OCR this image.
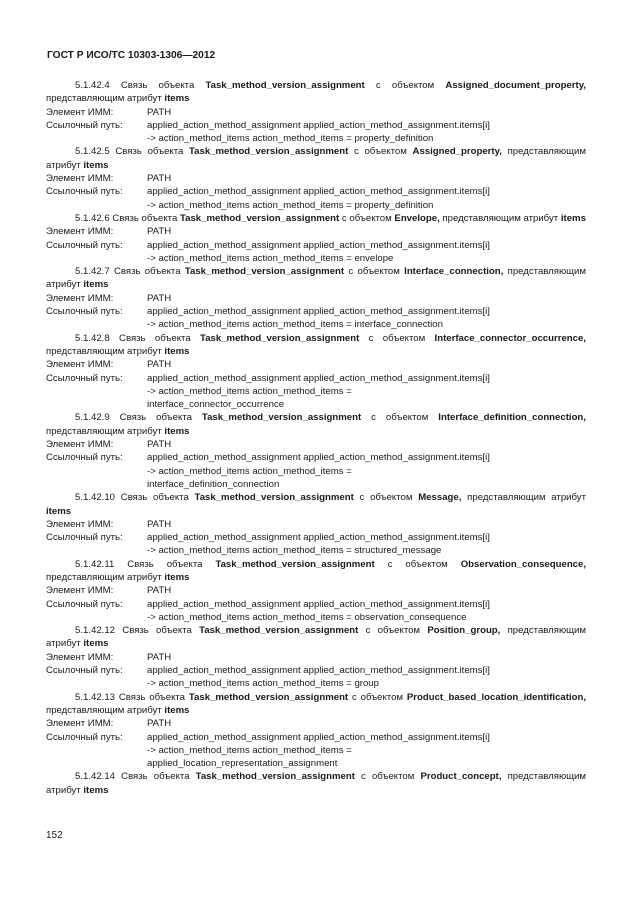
ГОСТ Р ИСО/ТС 10303-1306—2012
5.1.42.4 Связь объекта Task_method_version_assignment с объектом Assigned_document_property, представляющим атрибут items
Элемент ИММ:	PATH
Ссылочный путь:	applied_action_method_assignment applied_action_method_assignment.items[i]
-> action_method_items action_method_items = property_definition
5.1.42.5 Связь объекта Task_method_version_assignment с объектом Assigned_property, представляющим атрибут items
Элемент ИММ:	PATH
Ссылочный путь:	applied_action_method_assignment applied_action_method_assignment.items[i]
-> action_method_items action_method_items = property_definition
5.1.42.6 Связь объекта Task_method_version_assignment с объектом Envelope, представляющим атрибут items
Элемент ИММ:	PATH
Ссылочный путь:	applied_action_method_assignment applied_action_method_assignment.items[i]
-> action_method_items action_method_items = envelope
5.1.42.7 Связь объекта Task_method_version_assignment с объектом Interface_connection, представляющим атрибут items
Элемент ИММ:	PATH
Ссылочный путь:	applied_action_method_assignment applied_action_method_assignment.items[i]
-> action_method_items action_method_items = interface_connection
5.1.42.8 Связь объекта Task_method_version_assignment с объектом Interface_connector_occurrence, представляющим атрибут items
Элемент ИММ:	PATH
Ссылочный путь:	applied_action_method_assignment applied_action_method_assignment.items[i]
-> action_method_items action_method_items =
interface_connector_occurrence
5.1.42.9 Связь объекта Task_method_version_assignment с объектом Interface_definition_connection, представляющим атрибут items
Элемент ИММ:	PATH
Ссылочный путь:	applied_action_method_assignment applied_action_method_assignment.items[i]
-> action_method_items action_method_items =
interface_definition_connection
5.1.42.10 Связь объекта Task_method_version_assignment с объектом Message, представляющим атрибут items
Элемент ИММ:	PATH
Ссылочный путь:	applied_action_method_assignment applied_action_method_assignment.items[i]
-> action_method_items action_method_items = structured_message
5.1.42.11 Связь объекта Task_method_version_assignment с объектом Observation_consequence, представляющим атрибут items
Элемент ИММ:	PATH
Ссылочный путь:	applied_action_method_assignment applied_action_method_assignment.items[i]
-> action_method_items action_method_items = observation_consequence
5.1.42.12 Связь объекта Task_method_version_assignment с объектом Position_group, представляющим атрибут items
Элемент ИММ:	PATH
Ссылочный путь:	applied_action_method_assignment applied_action_method_assignment.items[i]
-> action_method_items action_method_items = group
5.1.42.13 Связь объекта Task_method_version_assignment с объектом Product_based_location_identification, представляющим атрибут items
Элемент ИММ:	PATH
Ссылочный путь:	applied_action_method_assignment applied_action_method_assignment.items[i]
-> action_method_items action_method_items =
applied_location_representation_assignment
5.1.42.14 Связь объекта Task_method_version_assignment с объектом Product_concept, представляющим атрибут items
152
